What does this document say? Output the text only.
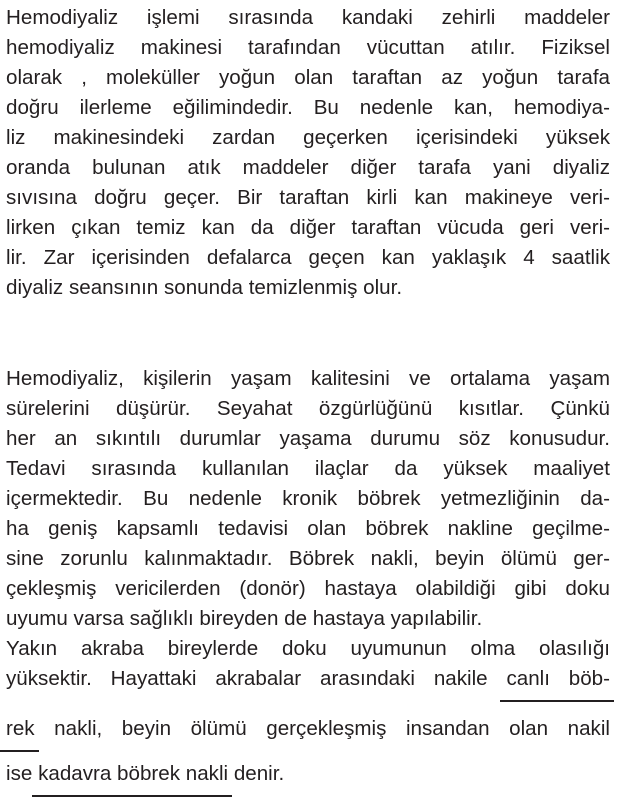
Hemodiyaliz işlemi sırasında kandaki zehirli maddeler
hemodiyaliz makinesi tarafından vücuttan atılır. Fiziksel
olarak , moleküller yoğun olan taraftan az yoğun tarafa
doğru ilerleme eğilimindedir. Bu nedenle kan, hemodiya-
liz makinesindeki zardan geçerken içerisindeki yüksek
oranda bulunan atık maddeler diğer tarafa yani diyaliz
sıvısına doğru geçer. Bir taraftan kirli kan makineye veri-
lirken çıkan temiz kan da diğer taraftan vücuda geri veri-
lir. Zar içerisinden defalarca geçen kan yaklaşık 4 saatlik
diyaliz seansının sonunda temizlenmiş olur.
Hemodiyaliz, kişilerin yaşam kalitesini ve ortalama yaşam
sürelerini düşürür. Seyahat özgürlüğünü kısıtlar. Çünkü
her an sıkıntılı durumlar yaşama durumu söz konusudur.
Tedavi sırasında kullanılan ilaçlar da yüksek maaliyet
içermektedir. Bu nedenle kronik böbrek yetmezliğinin da-
ha geniş kapsamlı tedavisi olan böbrek nakline geçilme-
sine zorunlu kalınmaktadır. Böbrek nakli, beyin ölümü ger-
çekleşmiş vericilerden (donör) hastaya olabildiği gibi doku
uyumu varsa sağlıklı bireyden de hastaya yapılabilir.
Yakın akraba bireylerde doku uyumunun olma olasılığı
yüksektir. Hayattaki akrabalar arasındaki nakile canlı böb-
rek nakli, beyin ölümü gerçekleşmiş insandan olan nakil
ise kadavra böbrek nakli denir.
